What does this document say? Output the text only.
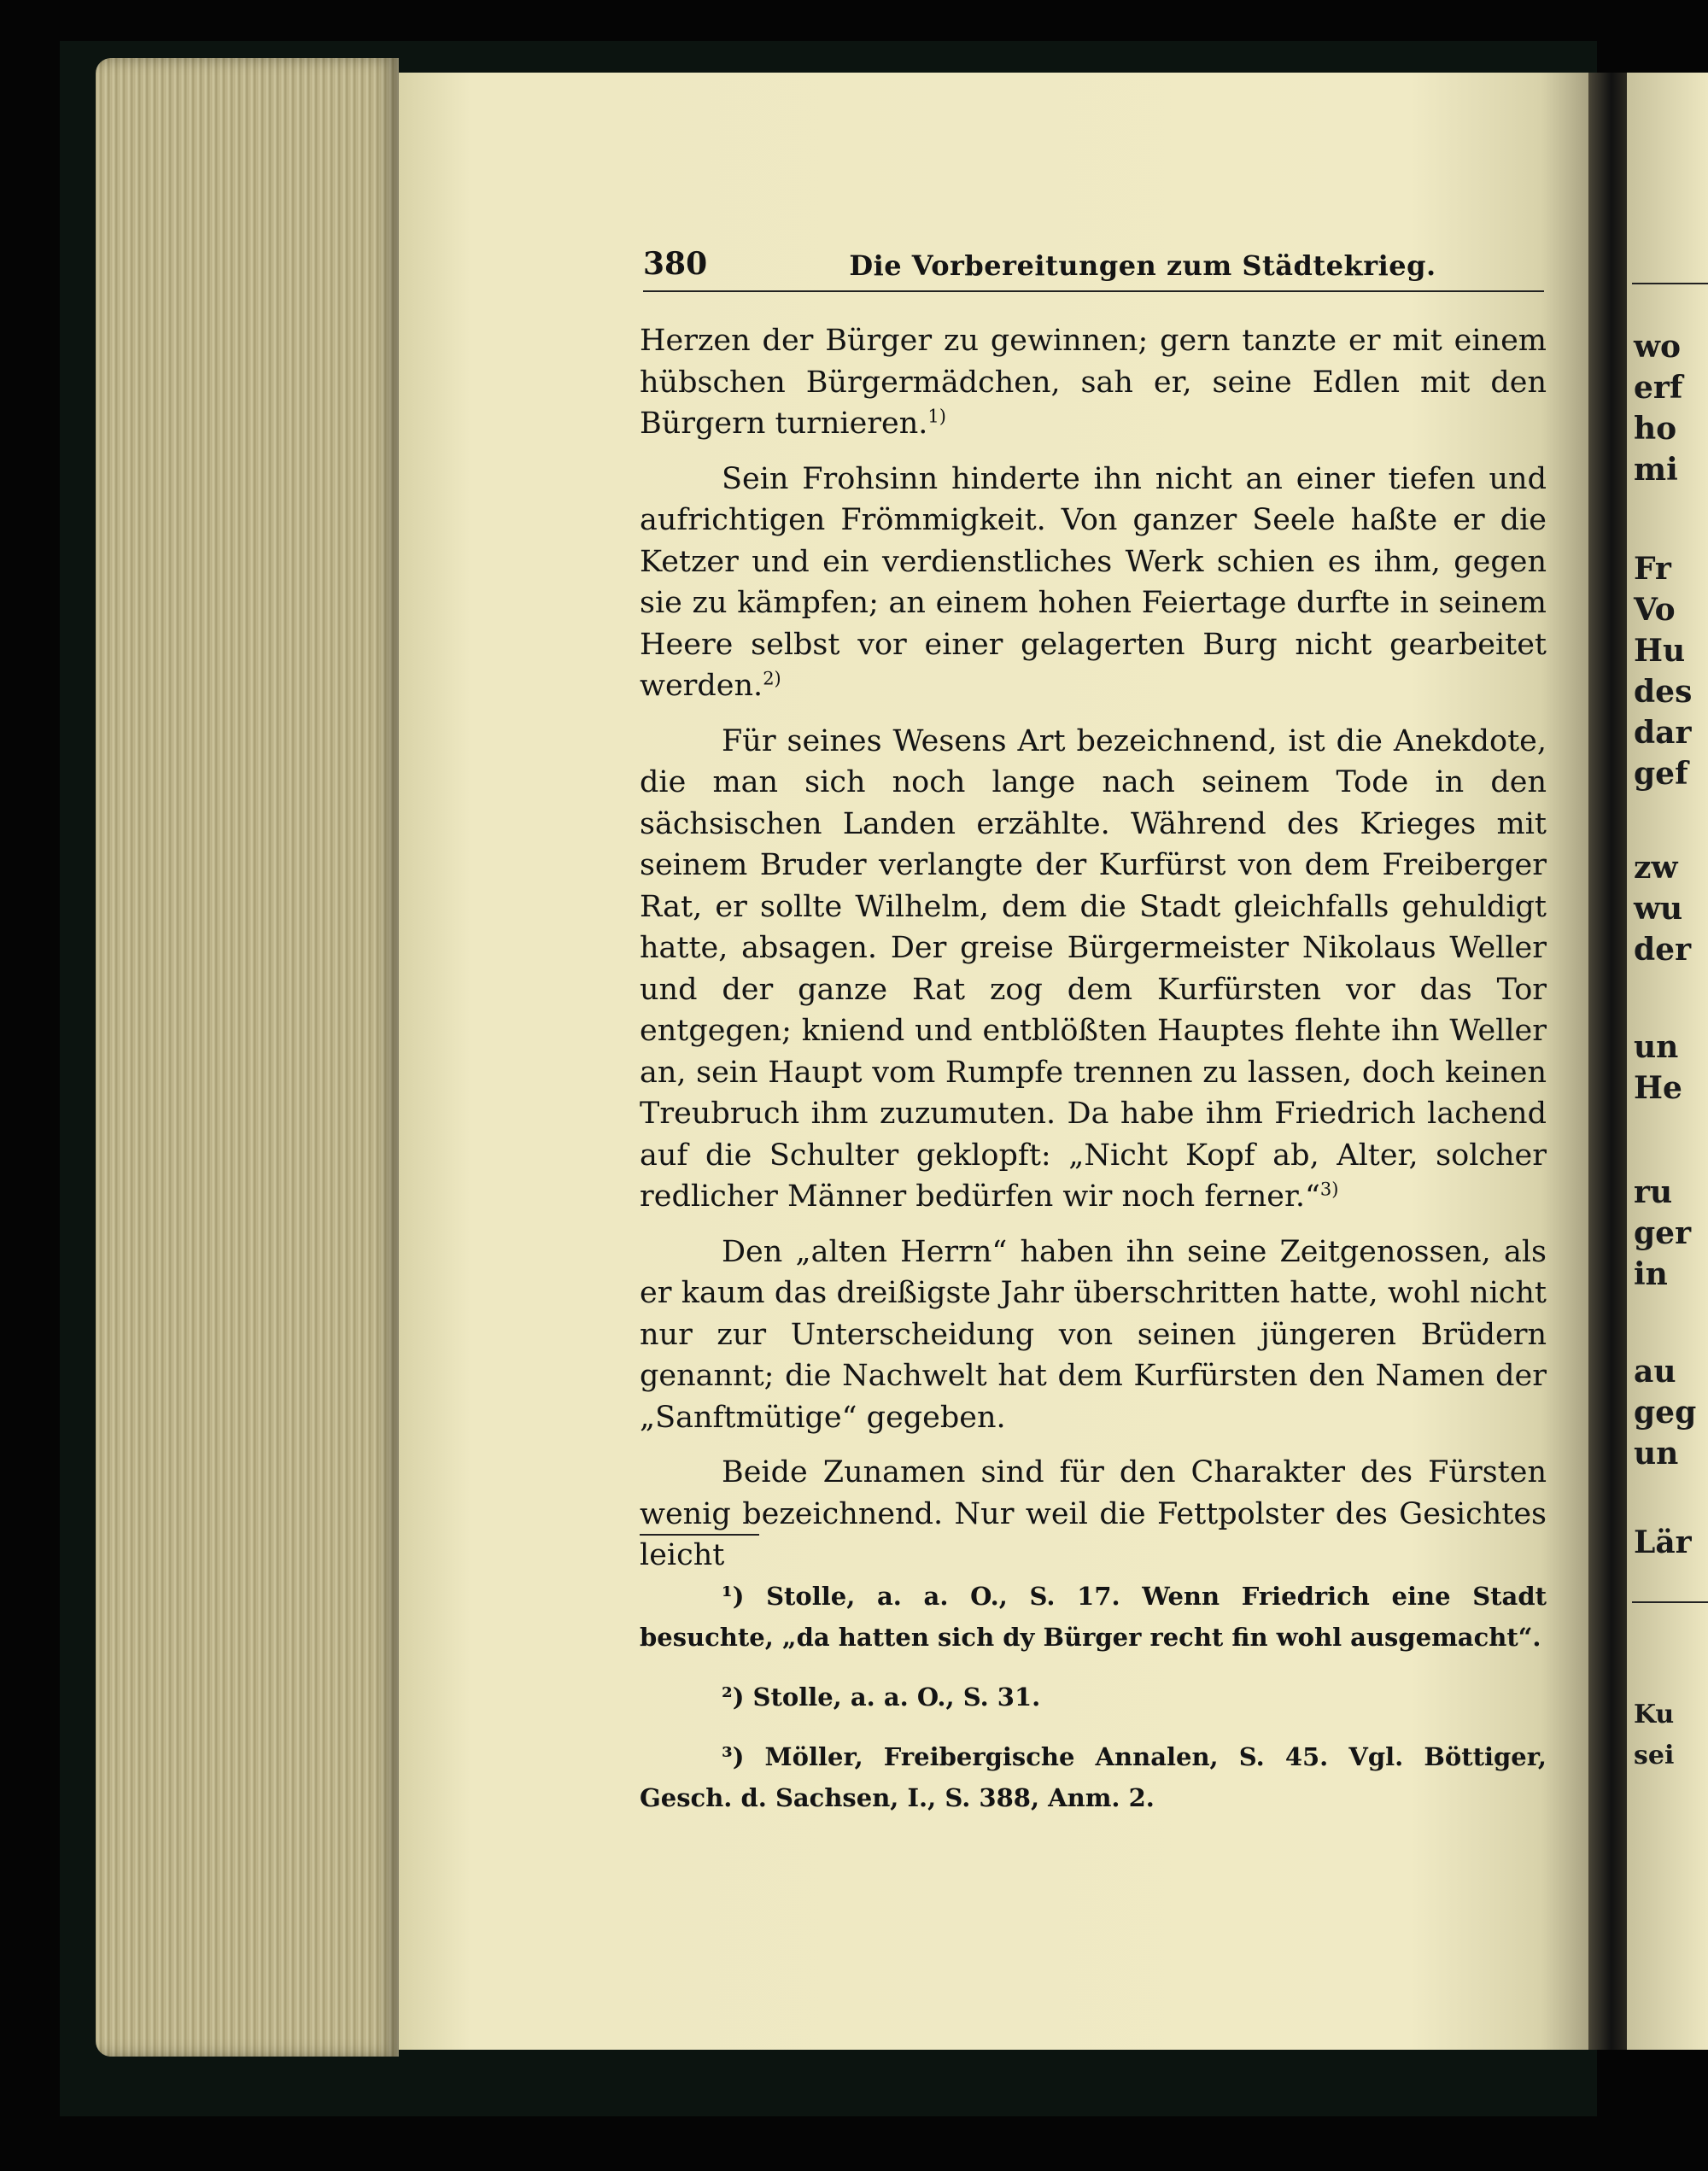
380	Die Vorbereitungen zum Städtekrieg.

Herzen der Bürger zu gewinnen; gern tanzte er mit einem hübschen Bürgermädchen, sah er, seine Edlen mit den Bürgern turnieren.$^{1)}$

Sein Frohsinn hinderte ihn nicht an einer tiefen und aufrichtigen Frömmigkeit. Von ganzer Seele haßte er die Ketzer und ein verdienstliches Werk schien es ihm, gegen sie zu kämpfen; an einem hohen Feiertage durfte in seinem Heere selbst vor einer gelagerten Burg nicht gearbeitet werden.$^{2)}$

Für seines Wesens Art bezeichnend, ist die Anekdote, die man sich noch lange nach seinem Tode in den sächsischen Landen erzählte. Während des Krieges mit seinem Bruder verlangte der Kurfürst von dem Freiberger Rat, er sollte Wilhelm, dem die Stadt gleichfalls gehuldigt hatte, absagen. Der greise Bürgermeister Nikolaus Weller und der ganze Rat zog dem Kurfürsten vor das Tor entgegen; kniend und entblößten Hauptes flehte ihn Weller an, sein Haupt vom Rumpfe trennen zu lassen, doch keinen Treubruch ihm zuzumuten. Da habe ihm Friedrich lachend auf die Schulter geklopft: „Nicht Kopf ab, Alter, solcher redlicher Männer bedürfen wir noch ferner.“$^{3)}$

Den „alten Herrn“ haben ihn seine Zeitgenossen, als er kaum das dreißigste Jahr überschritten hatte, wohl nicht nur zur Unterscheidung von seinen jüngeren Brüdern genannt; die Nachwelt hat dem Kurfürsten den Namen der „Sanftmütige“ gegeben.

Beide Zunamen sind für den Charakter des Fürsten wenig bezeichnend. Nur weil die Fettpolster des Gesichtes leicht

¹) Stolle, a. a. O., S. 17. Wenn Friedrich eine Stadt besuchte, „da hatten sich dy Bürger recht fin wohl ausgemacht“.

²) Stolle, a. a. O., S. 31.

³) Möller, Freibergische Annalen, S. 45. Vgl. Böttiger, Gesch. d. Sachsen, I., S. 388, Anm. 2.

wo
erf
ho
mi
Fr
Vo
Hu
des
dar
gef
zw
wu
der
un
He
ru
ger
in
au
geg
un
Lär
Ku
sei
